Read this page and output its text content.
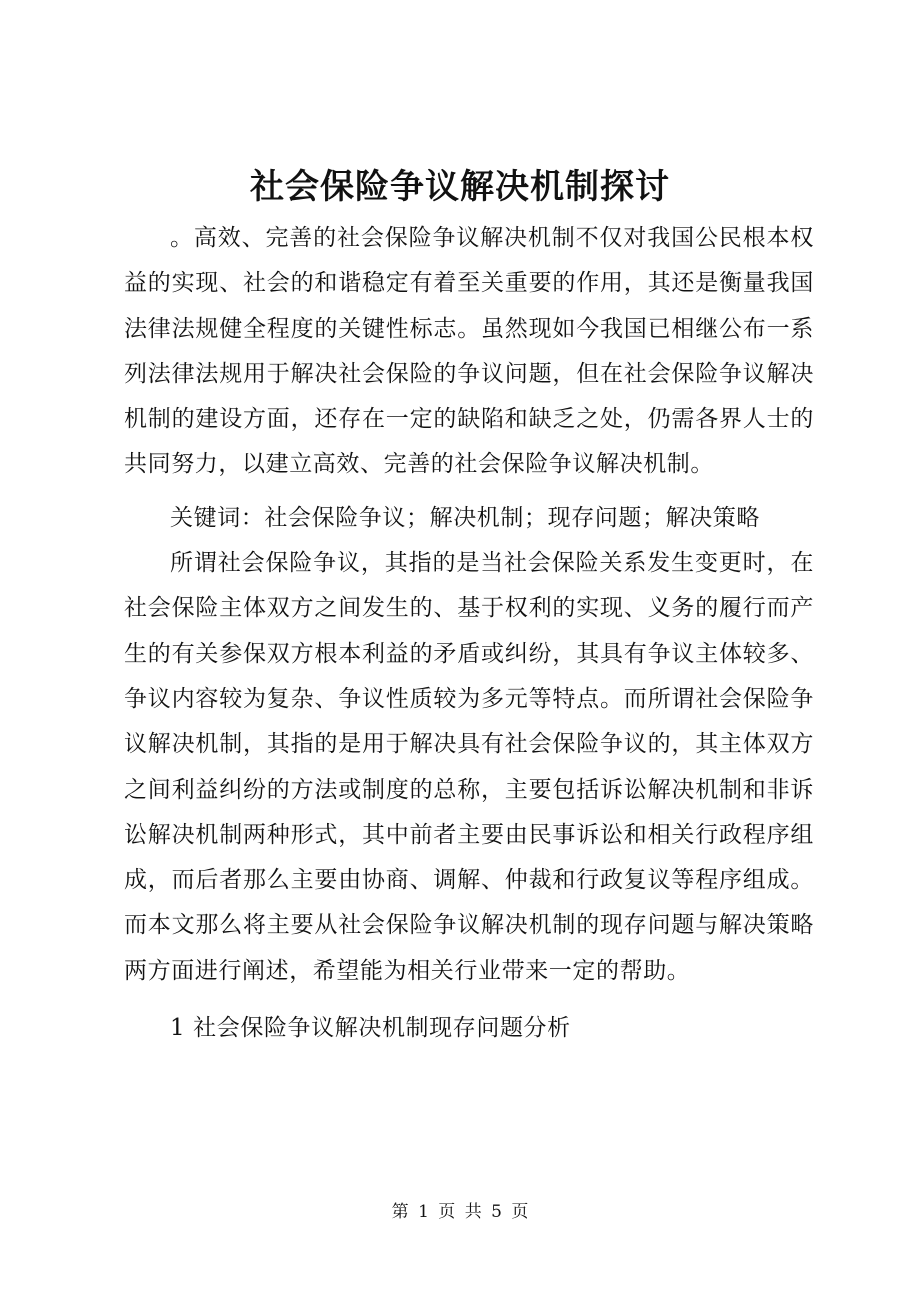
社会保险争议解决机制探讨

。高效、完善的社会保险争议解决机制不仅对我国公民根本权益的实现、社会的和谐稳定有着至关重要的作用，其还是衡量我国法律法规健全程度的关键性标志。虽然现如今我国已相继公布一系列法律法规用于解决社会保险的争议问题，但在社会保险争议解决机制的建设方面，还存在一定的缺陷和缺乏之处，仍需各界人士的共同努力，以建立高效、完善的社会保险争议解决机制。

关键词：社会保险争议；解决机制；现存问题；解决策略

所谓社会保险争议，其指的是当社会保险关系发生变更时，在社会保险主体双方之间发生的、基于权利的实现、义务的履行而产生的有关参保双方根本利益的矛盾或纠纷，其具有争议主体较多、争议内容较为复杂、争议性质较为多元等特点。而所谓社会保险争议解决机制，其指的是用于解决具有社会保险争议的，其主体双方之间利益纠纷的方法或制度的总称，主要包括诉讼解决机制和非诉讼解决机制两种形式，其中前者主要由民事诉讼和相关行政程序组成，而后者那么主要由协商、调解、仲裁和行政复议等程序组成。而本文那么将主要从社会保险争议解决机制的现存问题与解决策略两方面进行阐述，希望能为相关行业带来一定的帮助。

1 社会保险争议解决机制现存问题分析

第 1 页 共 5 页
